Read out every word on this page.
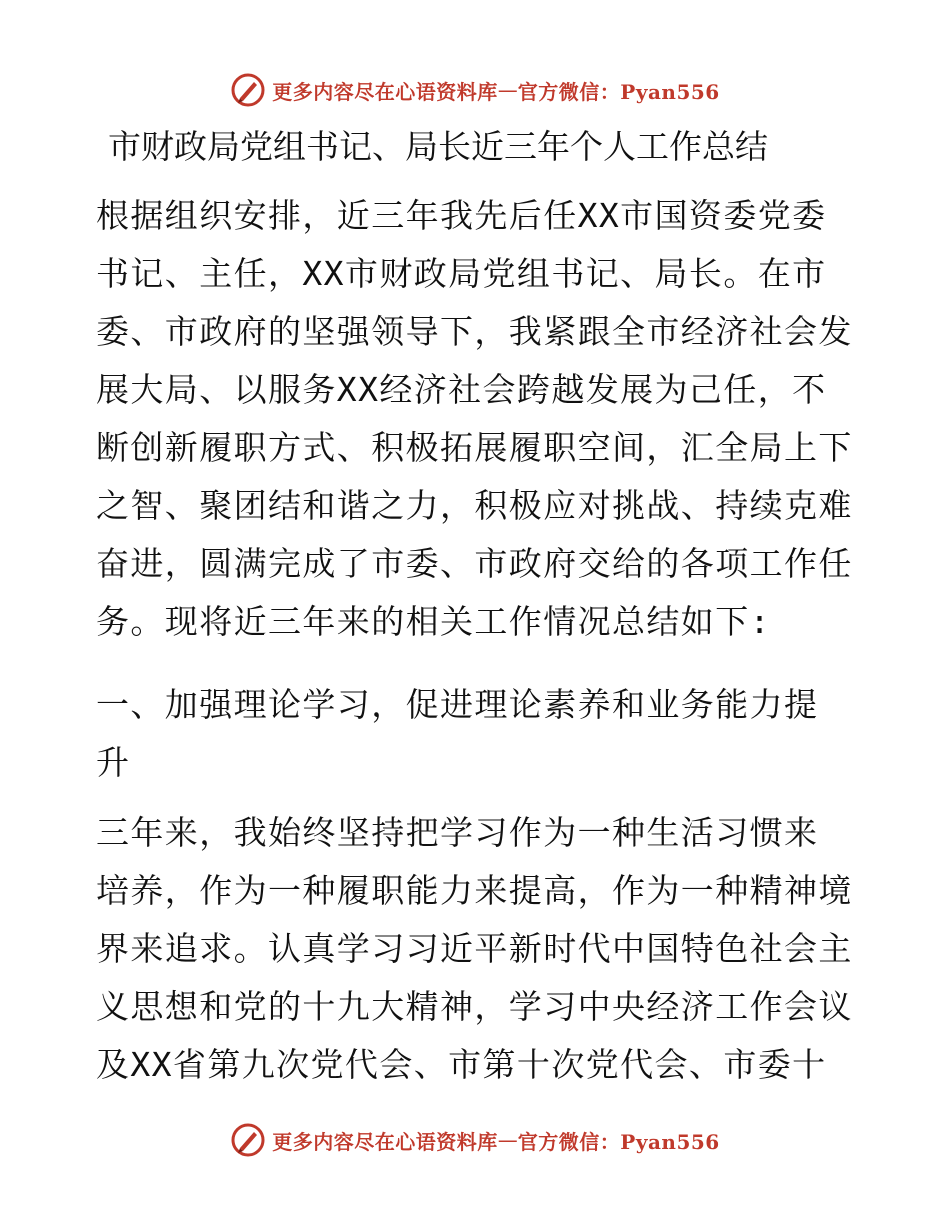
更多内容尽在心语资料库 — 官方微信：Pyan556
市财政局党组书记、局长近三年个人工作总结
根据组织安排，近三年我先后任XX市国资委党委
书记、主任，XX市财政局党组书记、局长。在市
委、市政府的坚强领导下，我紧跟全市经济社会发
展大局、以服务XX经济社会跨越发展为己任，不
断创新履职方式、积极拓展履职空间，汇全局上下
之智、聚团结和谐之力，积极应对挑战、持续克难
奋进，圆满完成了市委、市政府交给的各项工作任
务。现将近三年来的相关工作情况总结如下:
一、加强理论学习，促进理论素养和业务能力提
升
三年来，我始终坚持把学习作为一种生活习惯来
培养，作为一种履职能力来提高，作为一种精神境
界来追求。认真学习习近平新时代中国特色社会主
义思想和党的十九大精神，学习中央经济工作会议
及XX省第九次党代会、市第十次党代会、市委十
更多内容尽在心语资料库 — 官方微信：Pyan556
